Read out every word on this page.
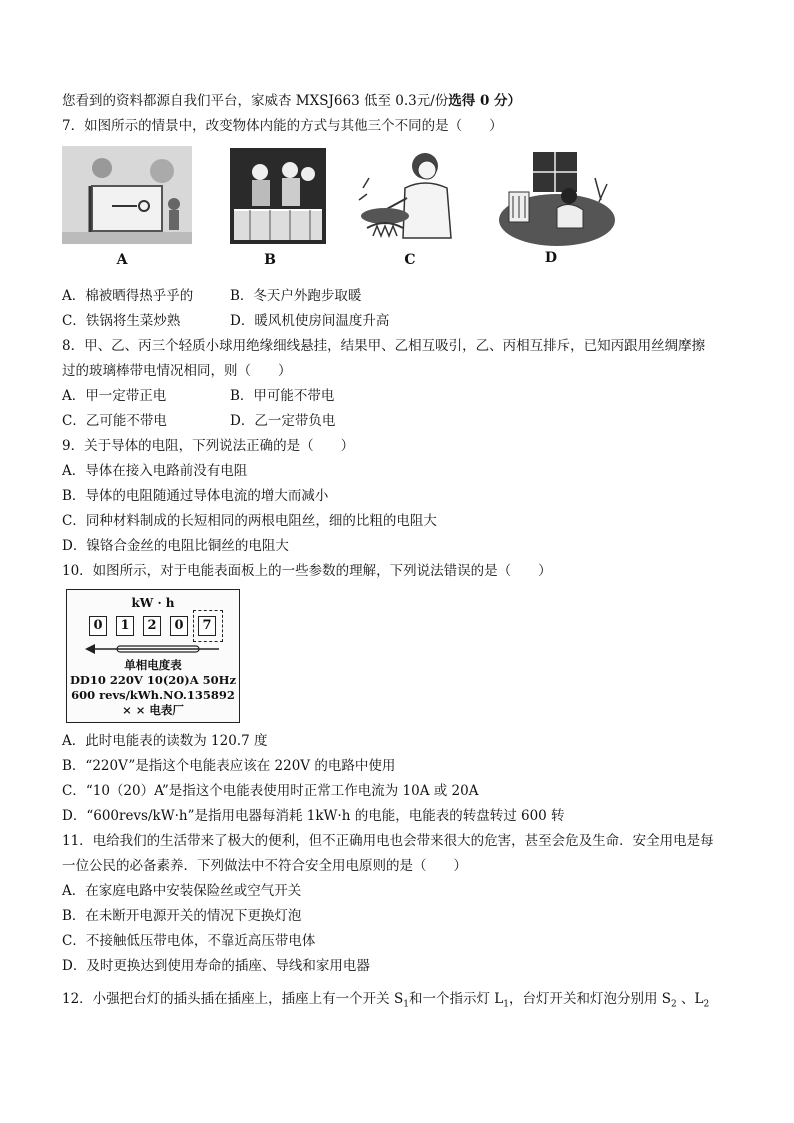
您看到的资料都源自我们平台，家威杏 MXSJ663 低至 0.3元/份选得 0 分）
7．如图所示的情景中，改变物体内能的方式与其他三个不同的是（　　）
A	B	C	D
A．棉被晒得热乎乎的	B．冬天户外跑步取暖
C．铁锅将生菜炒熟	D．暖风机使房间温度升高
8．甲、乙、丙三个轻质小球用绝缘细线悬挂，结果甲、乙相互吸引，乙、丙相互排斥，已知丙跟用丝绸摩擦
过的玻璃棒带电情况相同，则（　　）
A．甲一定带正电	B．甲可能不带电
C．乙可能不带电	D．乙一定带负电
9．关于导体的电阻，下列说法正确的是（　　）
A．导体在接入电路前没有电阻
B．导体的电阻随通过导体电流的增大而减小
C．同种材料制成的长短相同的两根电阻丝，细的比粗的电阻大
D．镍铬合金丝的电阻比铜丝的电阻大
10．如图所示，对于电能表面板上的一些参数的理解，下列说法错误的是（　　）
kW · h
0	1	2	0	7
单相电度表
DD10 220V 10(20)A 50Hz
600 revs/kWh.NO.135892
× × 电表厂
A．此时电能表的读数为 120.7 度
B．“220V”是指这个电能表应该在 220V 的电路中使用
C．“10（20）A”是指这个电能表使用时正常工作电流为 10A 或 20A
D．“600revs/kW·h”是指用电器每消耗 1kW·h 的电能，电能表的转盘转过 600 转
11．电给我们的生活带来了极大的便利，但不正确用电也会带来很大的危害，甚至会危及生命．安全用电是每
一位公民的必备素养．下列做法中不符合安全用电原则的是（　　）
A．在家庭电路中安装保险丝或空气开关
B．在未断开电源开关的情况下更换灯泡
C．不接触低压带电体，不靠近高压带电体
D．及时更换达到使用寿命的插座、导线和家用电器
12．小强把台灯的插头插在插座上，插座上有一个开关 $S_1$和一个指示灯 $L_1$，台灯开关和灯泡分别用 $S_2$ 、$L_2$
